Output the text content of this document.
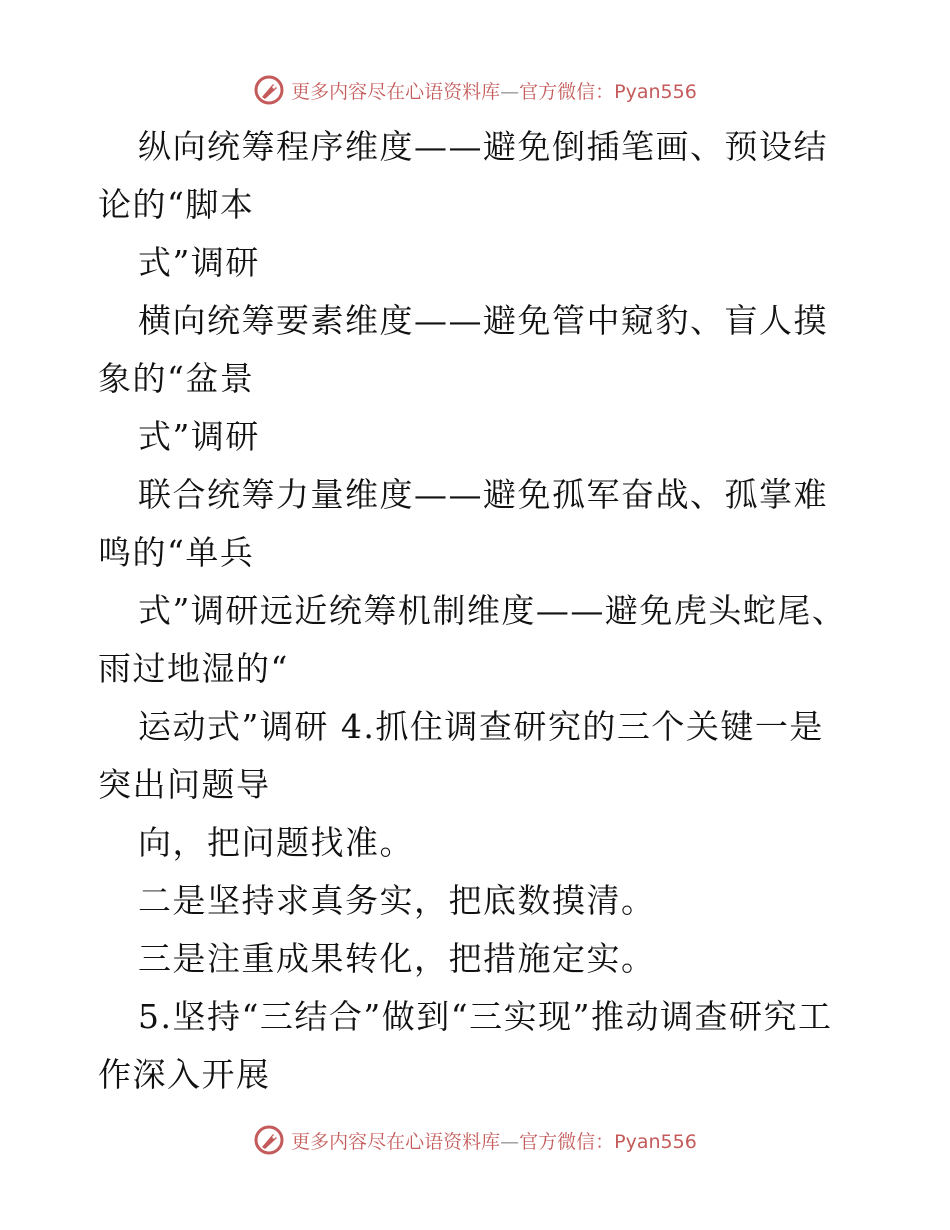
更多内容尽在心语资料库—官方微信：Pyan556

纵向统筹程序维度——避免倒插笔画、预设结论的“脚本

式”调研

横向统筹要素维度——避免管中窥豹、盲人摸象的“盆景

式”调研

联合统筹力量维度——避免孤军奋战、孤掌难鸣的“单兵

式”调研远近统筹机制维度——避免虎头蛇尾、雨过地湿的“

运动式”调研 4.抓住调查研究的三个关键一是突出问题导

向，把问题找准。

二是坚持求真务实，把底数摸清。

三是注重成果转化，把措施定实。

5.坚持“三结合”做到“三实现”推动调查研究工作深入开展

更多内容尽在心语资料库—官方微信：Pyan556
